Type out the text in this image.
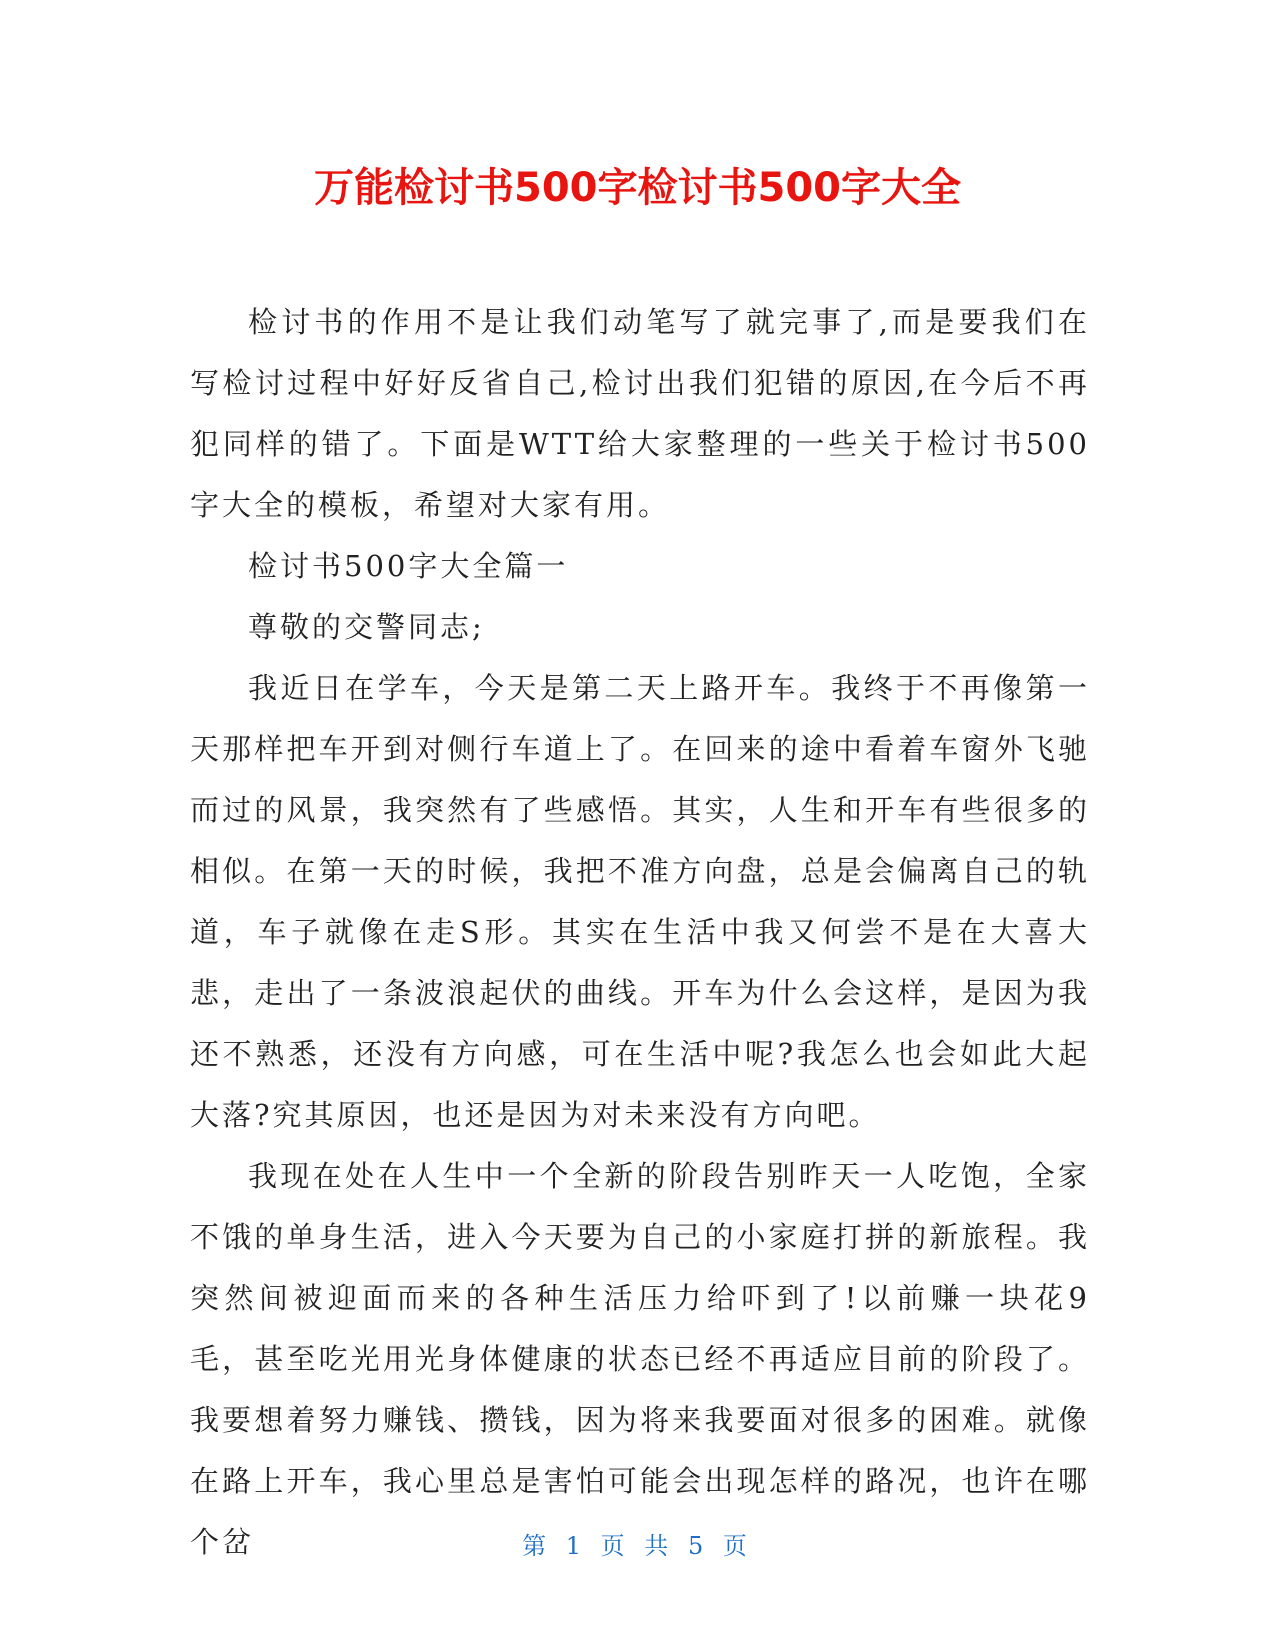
万能检讨书500字检讨书500字大全

检讨书的作用不是让我们动笔写了就完事了,而是要我们在写检讨过程中好好反省自己,检讨出我们犯错的原因,在今后不再犯同样的错了。下面是WTT给大家整理的一些关于检讨书500字大全的模板，希望对大家有用。

检讨书500字大全篇一

尊敬的交警同志;

我近日在学车，今天是第二天上路开车。我终于不再像第一天那样把车开到对侧行车道上了。在回来的途中看着车窗外飞驰而过的风景，我突然有了些感悟。其实，人生和开车有些很多的相似。在第一天的时候，我把不准方向盘，总是会偏离自己的轨道，车子就像在走S形。其实在生活中我又何尝不是在大喜大悲，走出了一条波浪起伏的曲线。开车为什么会这样，是因为我还不熟悉，还没有方向感，可在生活中呢?我怎么也会如此大起大落?究其原因，也还是因为对未来没有方向吧。

我现在处在人生中一个全新的阶段告别昨天一人吃饱，全家不饿的单身生活，进入今天要为自己的小家庭打拼的新旅程。我突然间被迎面而来的各种生活压力给吓到了!以前赚一块花9毛，甚至吃光用光身体健康的状态已经不再适应目前的阶段了。我要想着努力赚钱、攒钱，因为将来我要面对很多的困难。就像在路上开车，我心里总是害怕可能会出现怎样的路况，也许在哪个岔	第 1 页 共 5 页
